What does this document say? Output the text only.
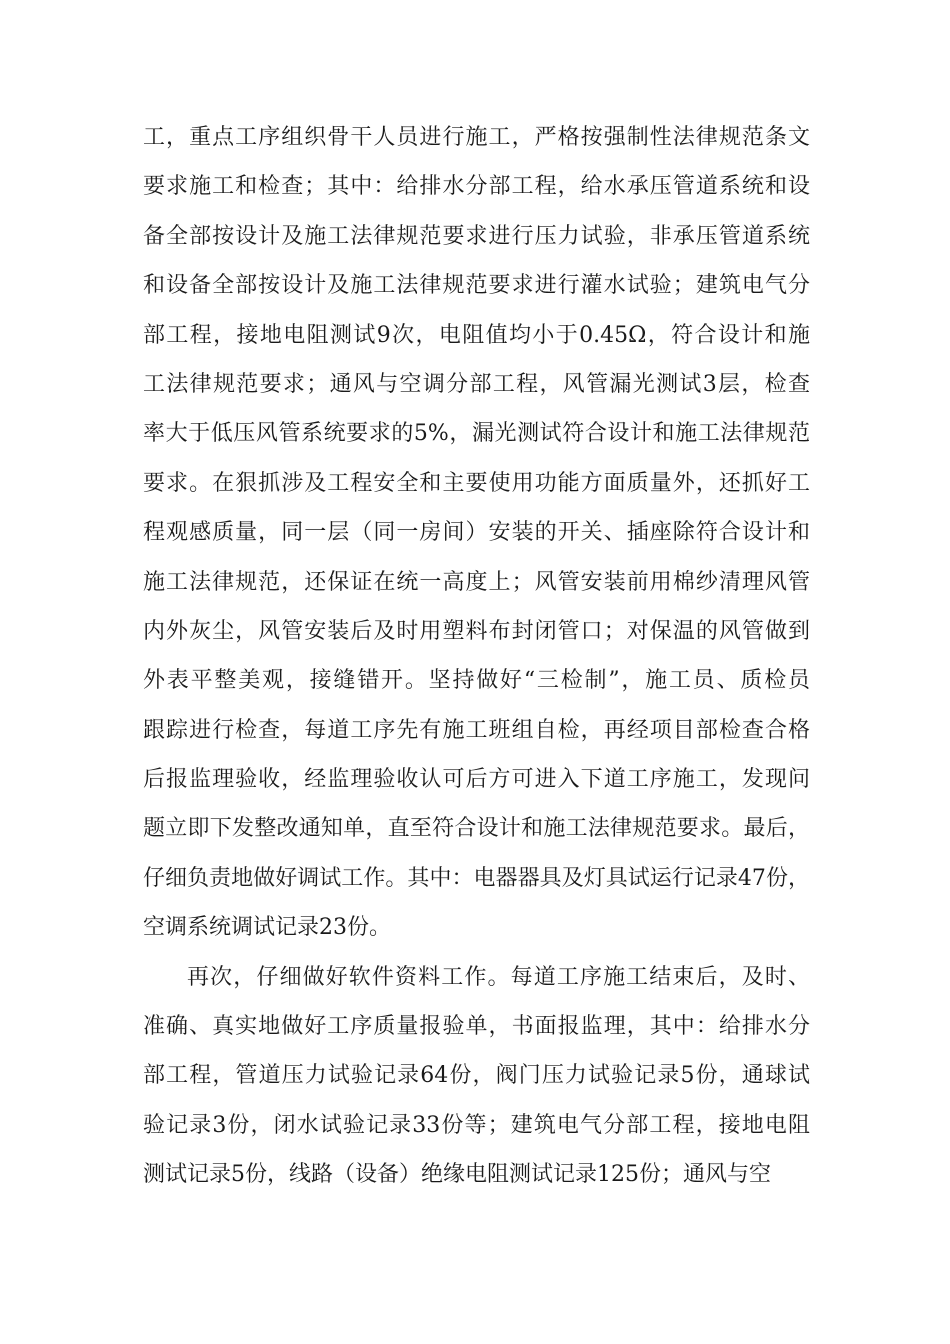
工，重点工序组织骨干人员进行施工，严格按强制性法律规范条文
要求施工和检查；其中：给排水分部工程，给水承压管道系统和设
备全部按设计及施工法律规范要求进行压力试验，非承压管道系统
和设备全部按设计及施工法律规范要求进行灌水试验；建筑电气分
部工程，接地电阻测试9次，电阻值均小于0.45Ω，符合设计和施
工法律规范要求；通风与空调分部工程，风管漏光测试3层，检查
率大于低压风管系统要求的5%，漏光测试符合设计和施工法律规范
要求。在狠抓涉及工程安全和主要使用功能方面质量外，还抓好工
程观感质量，同一层（同一房间）安装的开关、插座除符合设计和
施工法律规范，还保证在统一高度上；风管安装前用棉纱清理风管
内外灰尘，风管安装后及时用塑料布封闭管口；对保温的风管做到
外表平整美观，接缝错开。坚持做好“三检制”，施工员、质检员
跟踪进行检查，每道工序先有施工班组自检，再经项目部检查合格
后报监理验收，经监理验收认可后方可进入下道工序施工，发现问
题立即下发整改通知单，直至符合设计和施工法律规范要求。最后，
仔细负责地做好调试工作。其中：电器器具及灯具试运行记录47份，
空调系统调试记录23份。
再次，仔细做好软件资料工作。每道工序施工结束后，及时、
准确、真实地做好工序质量报验单，书面报监理，其中：给排水分
部工程，管道压力试验记录64份，阀门压力试验记录5份，通球试
验记录3份，闭水试验记录33份等；建筑电气分部工程，接地电阻
测试记录5份，线路（设备）绝缘电阻测试记录125份；通风与空
